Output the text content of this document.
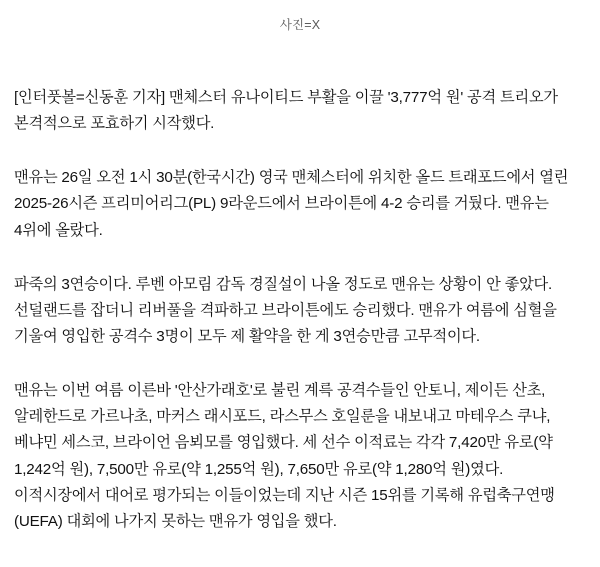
사진=X

[인터풋볼=신동훈 기자] 맨체스터 유나이티드 부활을 이끌 '3,777억 원' 공격 트리오가 본격적으로 포효하기 시작했다.

맨유는 26일 오전 1시 30분(한국시간) 영국 맨체스터에 위치한 올드 트래포드에서 열린 2025-26시즌 프리미어리그(PL) 9라운드에서 브라이튼에 4-2 승리를 거뒀다. 맨유는 4위에 올랐다.

파죽의 3연승이다. 루벤 아모림 감독 경질설이 나올 정도로 맨유는 상황이 안 좋았다. 선덜랜드를 잡더니 리버풀을 격파하고 브라이튼에도 승리했다. 맨유가 여름에 심혈을 기울여 영입한 공격수 3명이 모두 제 활약을 한 게 3연승만큼 고무적이다.

맨유는 이번 여름 이른바 '안산가래호'로 불린 계륵 공격수들인 안토니, 제이든 산초, 알레한드로 가르나초, 마커스 래시포드, 라스무스 호일룬을 내보내고 마테우스 쿠냐, 베냐민 세스코, 브라이언 음뵈모를 영입했다. 세 선수 이적료는 각각 7,420만 유로(약 1,242억 원), 7,500만 유로(약 1,255억 원), 7,650만 유로(약 1,280억 원)였다. 이적시장에서 대어로 평가되는 이들이었는데 지난 시즌 15위를 기록해 유럽축구연맹(UEFA) 대회에 나가지 못하는 맨유가 영입을 했다.
